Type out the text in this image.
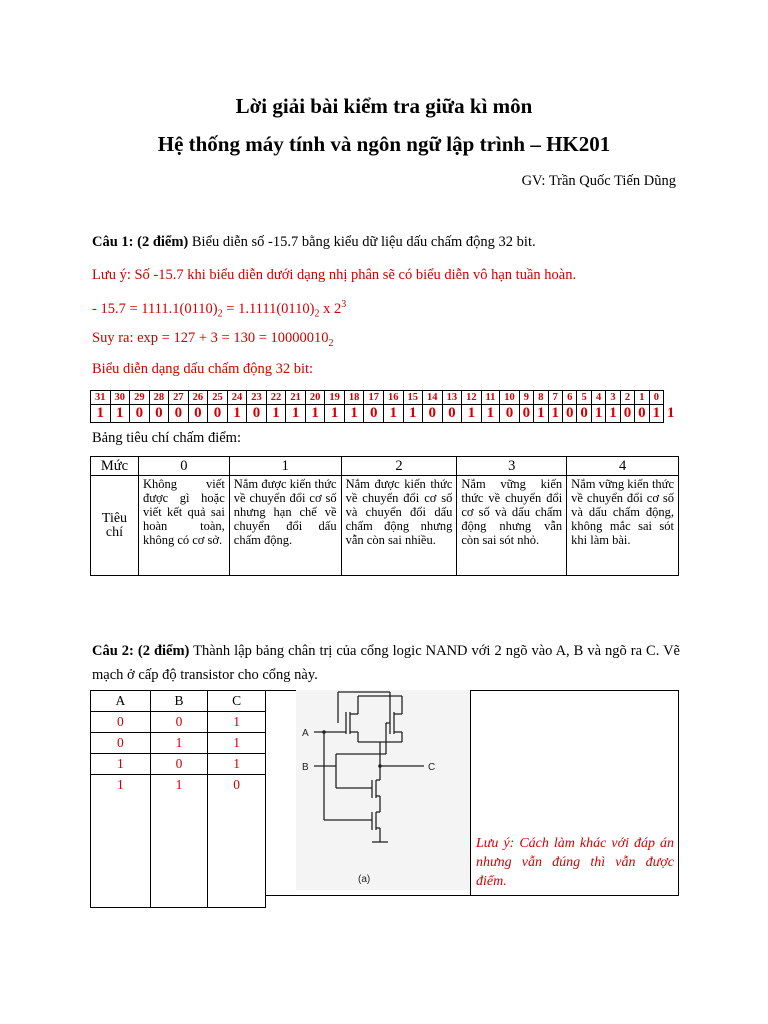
Lời giải bài kiểm tra giữa kì môn
Hệ thống máy tính và ngôn ngữ lập trình – HK201
GV: Trần Quốc Tiến Dũng
Câu 1: (2 điểm) Biểu diễn số -15.7 bằng kiểu dữ liệu dấu chấm động 32 bit.
Lưu ý: Số -15.7 khi biểu diễn dưới dạng nhị phân sẽ có biểu diễn vô hạn tuần hoàn.
- $15.7 = 1111.1(0110)_2 = 1.1111(0110)_2$ x $2^3$
Suy ra: $\exp = 127 + 3 = 130 = 10000010_2$
Biểu diễn dạng dấu chấm động 32 bit:
31	30	29	28	27	26	25	24	23	22	21	20	19	18	17	16	15	14	13	12	11	10	9	8	7	6	5	4	3	2	1	0	
1	1	0	0	0	0	0	1	0	1	1	1	1	1	0	1	1	0	0	1	1	0	0	1	1	0	0	1	1	0	0	1	1
Bảng tiêu chí chấm điểm:
Mức	0	1	2	3	4
Tiêu chí	Không viết được gì hoặc viết kết quả sai hoàn toàn, không có cơ sở.	Nắm được kiến thức về chuyển đổi cơ số nhưng hạn chế về chuyển đổi dấu chấm động.	Nắm được kiến thức về chuyển đổi cơ số và chuyển đổi dấu chấm động nhưng vẫn còn sai nhiều.	Nắm vững kiến thức về chuyển đổi cơ số và dấu chấm động nhưng vẫn còn sai sót nhỏ.	Nắm vững kiến thức về chuyển đổi cơ số và dấu chấm động, không mắc sai sót khi làm bài.
Câu 2: (2 điểm) Thành lập bảng chân trị của cổng logic NAND với 2 ngõ vào A, B và ngõ ra C. Vẽ mạch ở cấp độ transistor cho cổng này.
A	B	C
0	0	1
0	1	1
1	0	1
1	1	0

A
B	C
(a)
Lưu ý: Cách làm khác với đáp án nhưng vẫn đúng thì vẫn được điểm.
